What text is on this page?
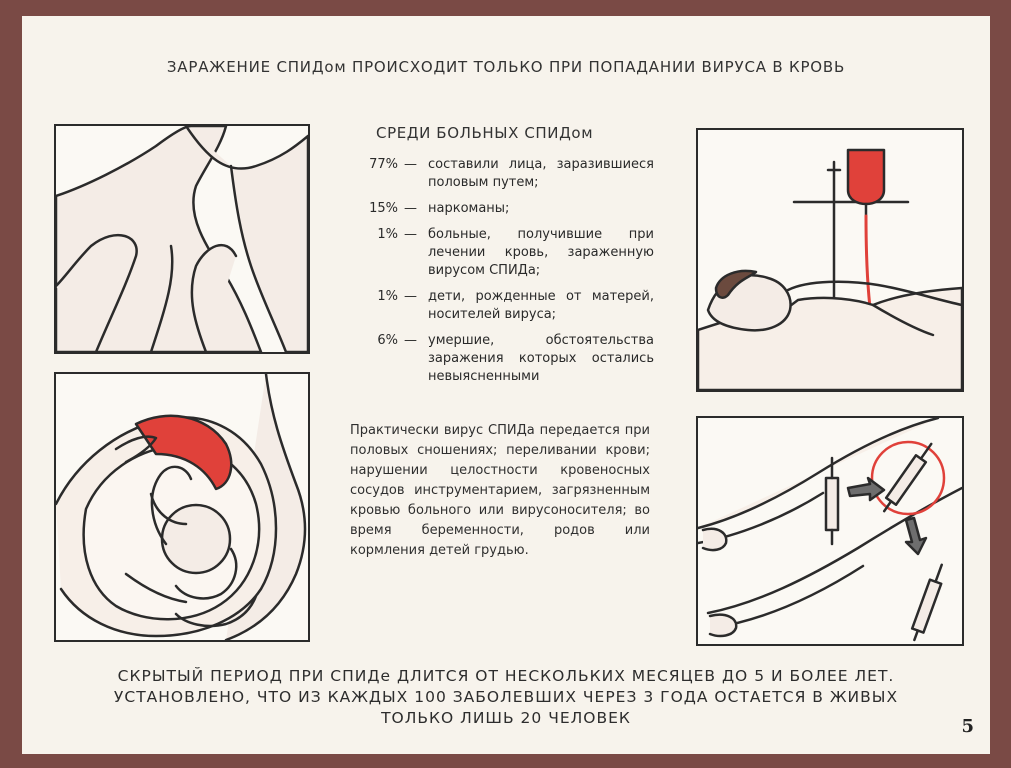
ЗАРАЖЕНИЕ СПИДом ПРОИСХОДИТ ТОЛЬКО ПРИ ПОПАДАНИИ ВИРУСА В КРОВЬ
СРЕДИ БОЛЬНЫХ СПИДом
77% — составили лица, заразившиеся половым путем;
15% — наркоманы;
1% — больные, получившие при лечении кровь, зараженную вирусом СПИДа;
1% — дети, рожденные от матерей, носителей вируса;
6% — умершие, обстоятельства заражения которых остались невыясненными
Практически вирус СПИДа передается при половых сношениях; переливании крови; нарушении целостности кровеносных сосудов инструментарием, загрязненным кровью больного или вирусоносителя; во время беременности, родов или кормления детей грудью.
СКРЫТЫЙ ПЕРИОД ПРИ СПИДе ДЛИТСЯ ОТ НЕСКОЛЬКИХ МЕСЯЦЕВ ДО 5 И БОЛЕЕ ЛЕТ. УСТАНОВЛЕНО, ЧТО ИЗ КАЖДЫХ 100 ЗАБОЛЕВШИХ ЧЕРЕЗ 3 ГОДА ОСТАЕТСЯ В ЖИВЫХ ТОЛЬКО ЛИШЬ 20 ЧЕЛОВЕК	5
